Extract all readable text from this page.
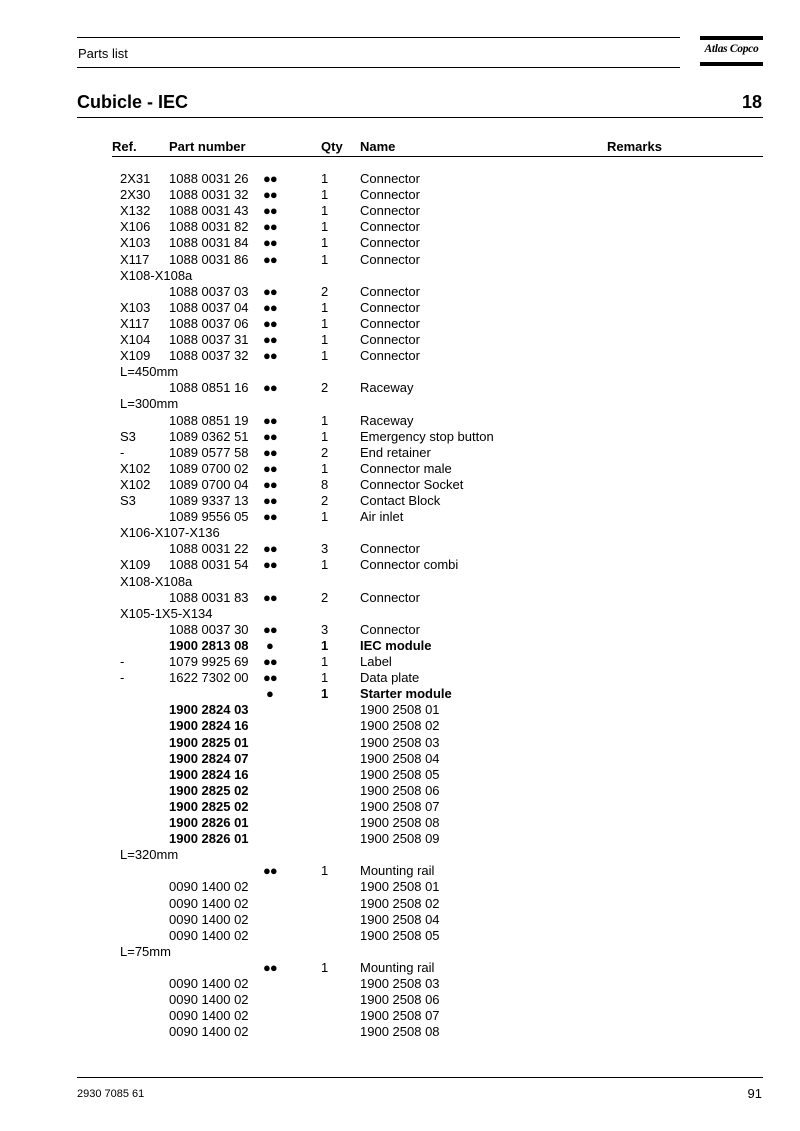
Parts list	Atlas Copco
Cubicle - IEC	18
Ref. Part number	Qty Name	Remarks
2X31 1088 0031 26 ●●	1 Connector
2X30 1088 0031 32 ●●	1 Connector
X132 1088 0031 43 ●●	1 Connector
X106 1088 0031 82 ●●	1 Connector
X103 1088 0031 84 ●●	1 Connector
X117 1088 0031 86 ●●	1 Connector
X108-X108a
1088 0037 03 ●●	2 Connector
X103 1088 0037 04 ●●	1 Connector
X117 1088 0037 06 ●●	1 Connector
X104 1088 0037 31 ●●	1 Connector
X109 1088 0037 32 ●●	1 Connector
L=450mm
1088 0851 16 ●●	2 Raceway
L=300mm
1088 0851 19 ●●	1 Raceway
S3	1089 0362 51 ●●	1 Emergency stop button
-	1089 0577 58 ●●	2 End retainer
X102 1089 0700 02 ●●	1 Connector male
X102 1089 0700 04 ●●	8 Connector Socket
S3	1089 9337 13 ●●	2 Contact Block
1089 9556 05 ●●	1 Air inlet
X106-X107-X136
1088 0031 22 ●●	3 Connector
X109 1088 0031 54 ●●	1 Connector combi
X108-X108a
1088 0031 83 ●●	2 Connector
X105-1X5-X134
1088 0037 30 ●●	3 Connector
1900 2813 08 ●	1 IEC module
-	1079 9925 69 ●●	1 Label
-	1622 7302 00 ●●	1 Data plate
●	1 Starter module
1900 2824 03	1900 2508 01
1900 2824 16	1900 2508 02
1900 2825 01	1900 2508 03
1900 2824 07	1900 2508 04
1900 2824 16	1900 2508 05
1900 2825 02	1900 2508 06
1900 2825 02	1900 2508 07
1900 2826 01	1900 2508 08
1900 2826 01	1900 2508 09
L=320mm
●●	1 Mounting rail
0090 1400 02	1900 2508 01
0090 1400 02	1900 2508 02
0090 1400 02	1900 2508 04
0090 1400 02	1900 2508 05
L=75mm
●●	1 Mounting rail
0090 1400 02	1900 2508 03
0090 1400 02	1900 2508 06
0090 1400 02	1900 2508 07
0090 1400 02	1900 2508 08
2930 7085 61	91
